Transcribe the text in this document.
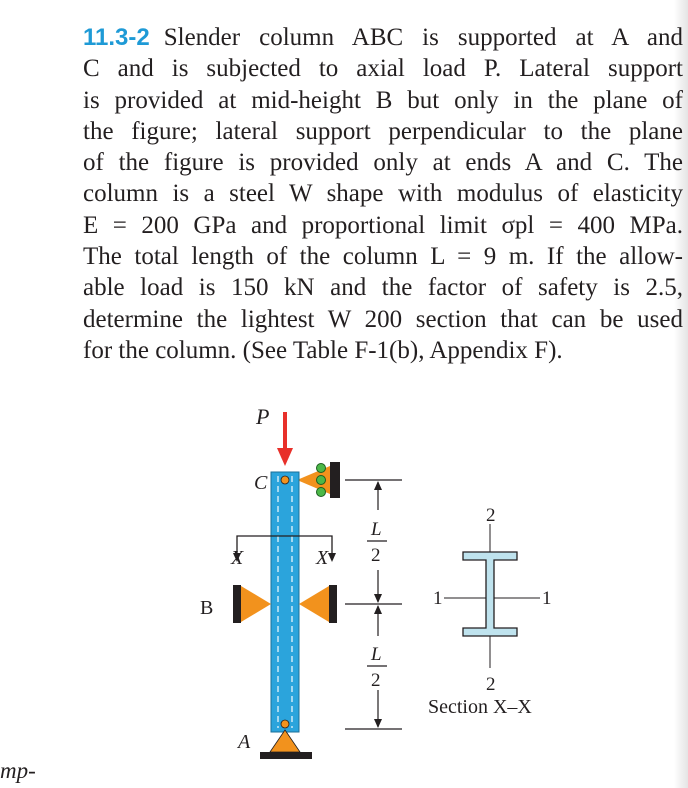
11.3-2 Slender column ABC is supported at A and
C and is subjected to axial load P. Lateral support
is provided at mid-height B but only in the plane of
the figure; lateral support perpendicular to the plane
of the figure is provided only at ends A and C. The
column is a steel W shape with modulus of elasticity
E = 200 GPa and proportional limit σpl = 400 MPa.
The total length of the column L = 9 m. If the allow-
able load is 150 kN and the factor of safety is 2.5,
determine the lightest W 200 section that can be used
for the column. (See Table F-1(b), Appendix F).
P
C
X	X
B
A
L
2
L
2
2
2
1	1
Section X–X
mp-
